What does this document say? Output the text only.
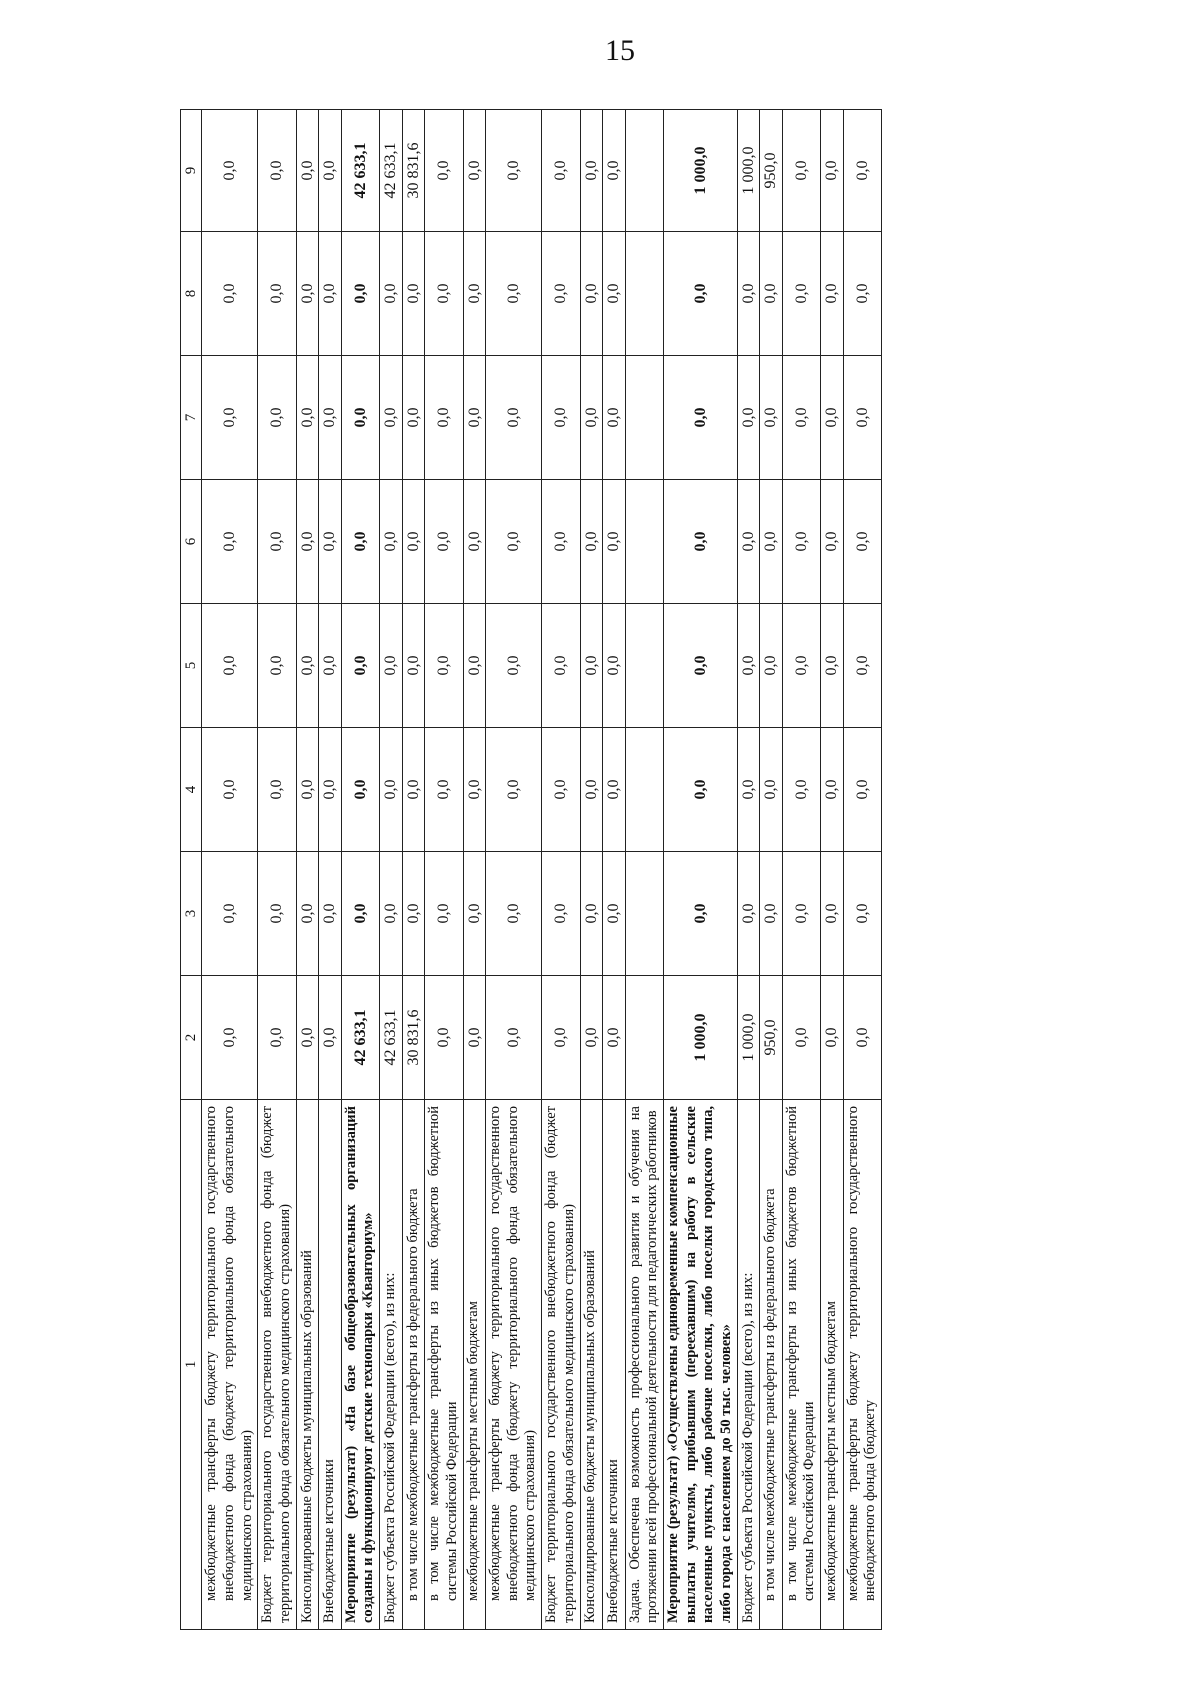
15
1	2	3	4	5	6	7	8	9
межбюджетные трансферты бюджету территориального государственного внебюджетного фонда (бюджету территориального фонда обязательного медицинского страхования)	0,0	0,0	0,0	0,0	0,0	0,0	0,0	0,0
Бюджет территориального государственного внебюджетного фонда (бюджет территориального фонда обязательного медицинского страхования)	0,0	0,0	0,0	0,0	0,0	0,0	0,0	0,0
Консолидированные бюджеты муниципальных образований	0,0	0,0	0,0	0,0	0,0	0,0	0,0	0,0
Внебюджетные источники	0,0	0,0	0,0	0,0	0,0	0,0	0,0	0,0
Мероприятие (результат) «На базе общеобразовательных организаций созданы и функционируют детские технопарки «Кванториум»	42 633,1	0,0	0,0	0,0	0,0	0,0	0,0	42 633,1
Бюджет субъекта Российской Федерации (всего), из них:	42 633,1	0,0	0,0	0,0	0,0	0,0	0,0	42 633,1
в том числе межбюджетные трансферты из федерального бюджета	30 831,6	0,0	0,0	0,0	0,0	0,0	0,0	30 831,6
в том числе межбюджетные трансферты из иных бюджетов бюджетной системы Российской Федерации	0,0	0,0	0,0	0,0	0,0	0,0	0,0	0,0
межбюджетные трансферты местным бюджетам	0,0	0,0	0,0	0,0	0,0	0,0	0,0	0,0
межбюджетные трансферты бюджету территориального государственного внебюджетного фонда (бюджету территориального фонда обязательного медицинского страхования)	0,0	0,0	0,0	0,0	0,0	0,0	0,0	0,0
Бюджет территориального государственного внебюджетного фонда (бюджет территориального фонда обязательного медицинского страхования)	0,0	0,0	0,0	0,0	0,0	0,0	0,0	0,0
Консолидированные бюджеты муниципальных образований	0,0	0,0	0,0	0,0	0,0	0,0	0,0	0,0
Внебюджетные источники	0,0	0,0	0,0	0,0	0,0	0,0	0,0	0,0
Задача. Обеспечена возможность профессионального развития и обучения на протяжении всей профессиональной деятельности для педагогических работников								
Мероприятие (результат) «Осуществлены единовременные компенсационные выплаты учителям, прибывшим (переехавшим) на работу в сельские населенные пункты, либо рабочие поселки, либо поселки городского типа, либо города с населением до 50 тыс. человек»	1 000,0	0,0	0,0	0,0	0,0	0,0	0,0	1 000,0
Бюджет субъекта Российской Федерации (всего), из них:	1 000,0	0,0	0,0	0,0	0,0	0,0	0,0	1 000,0
в том числе межбюджетные трансферты из федерального бюджета	950,0	0,0	0,0	0,0	0,0	0,0	0,0	950,0
в том числе межбюджетные трансферты из иных бюджетов бюджетной системы Российской Федерации	0,0	0,0	0,0	0,0	0,0	0,0	0,0	0,0
межбюджетные трансферты местным бюджетам	0,0	0,0	0,0	0,0	0,0	0,0	0,0	0,0
межбюджетные трансферты бюджету территориального государственного внебюджетного фонда (бюджету	0,0	0,0	0,0	0,0	0,0	0,0	0,0	0,0
